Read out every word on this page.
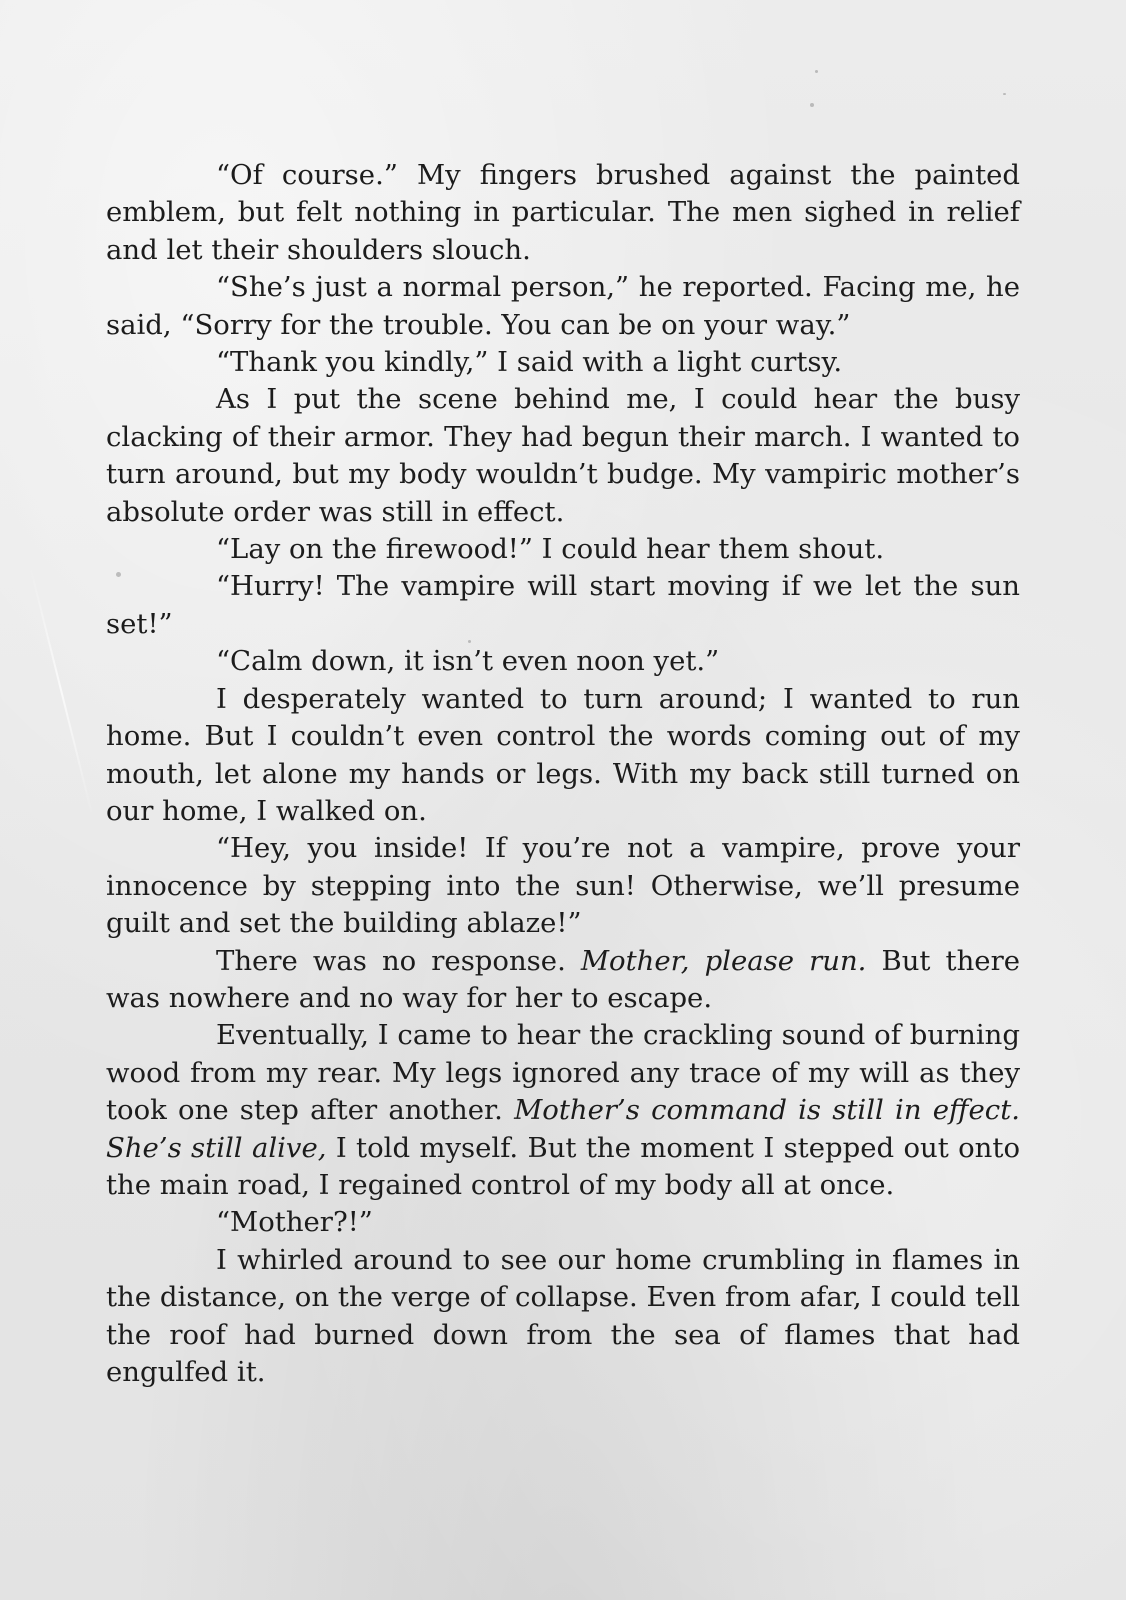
“Of course.” My fingers brushed against the painted emblem, but felt nothing in particular. The men sighed in relief and let their shoulders slouch.

“She’s just a normal person,” he reported. Facing me, he said, “Sorry for the trouble. You can be on your way.”

“Thank you kindly,” I said with a light curtsy.

As I put the scene behind me, I could hear the busy clacking of their armor. They had begun their march. I wanted to turn around, but my body wouldn’t budge. My vampiric mother’s absolute order was still in effect.

“Lay on the firewood!” I could hear them shout.

“Hurry! The vampire will start moving if we let the sun set!”

“Calm down, it isn’t even noon yet.”

I desperately wanted to turn around; I wanted to run home. But I couldn’t even control the words coming out of my mouth, let alone my hands or legs. With my back still turned on our home, I walked on.

“Hey, you inside! If you’re not a vampire, prove your innocence by stepping into the sun! Otherwise, we’ll presume guilt and set the building ablaze!”

There was no response. Mother, please run. But there was nowhere and no way for her to escape.

Eventually, I came to hear the crackling sound of burning wood from my rear. My legs ignored any trace of my will as they took one step after another. Mother’s command is still in effect. She’s still alive, I told myself. But the moment I stepped out onto the main road, I regained control of my body all at once.

“Mother?!”

I whirled around to see our home crumbling in flames in the distance, on the verge of collapse. Even from afar, I could tell the roof had burned down from the sea of flames that had engulfed it.
